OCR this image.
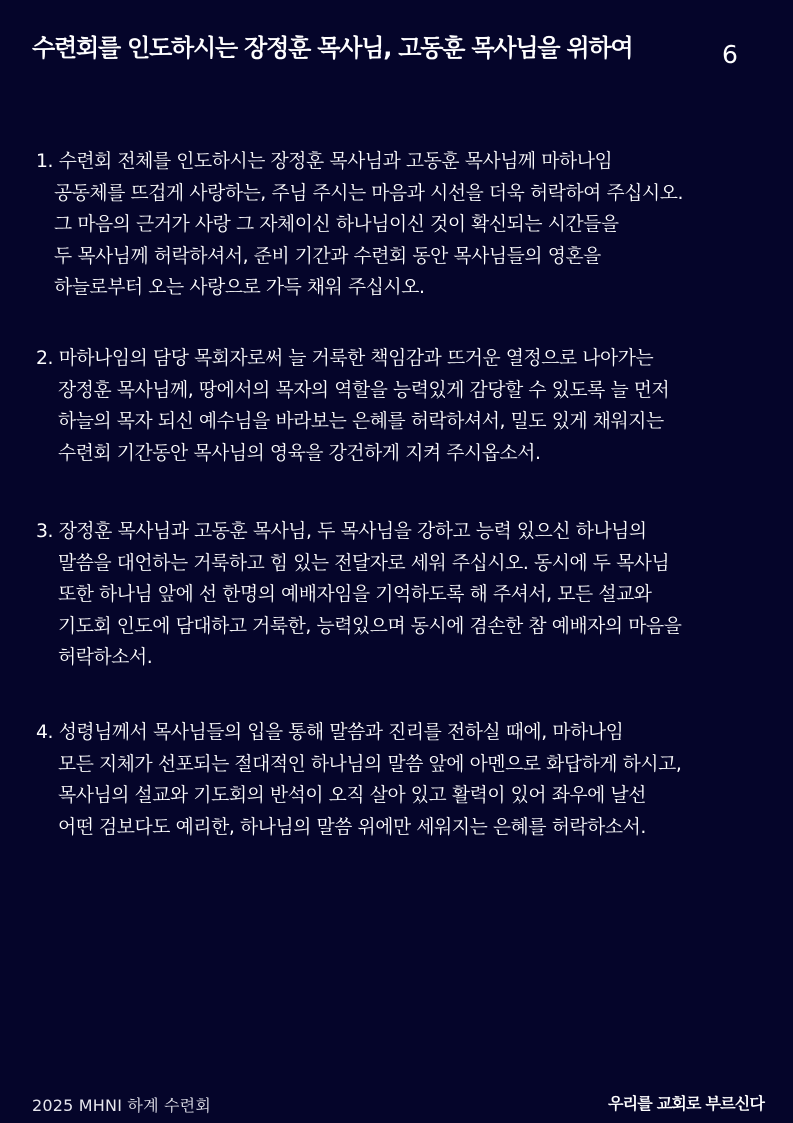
수련회를 인도하시는 장정훈 목사님, 고동훈 목사님을 위하여	6
1. 수련회 전체를 인도하시는 장정훈 목사님과 고동훈 목사님께 마하나임
공동체를 뜨겁게 사랑하는, 주님 주시는 마음과 시선을 더욱 허락하여 주십시오.
그 마음의 근거가 사랑 그 자체이신 하나님이신 것이 확신되는 시간들을
두 목사님께 허락하셔서, 준비 기간과 수련회 동안 목사님들의 영혼을
하늘로부터 오는 사랑으로 가득 채워 주십시오.
2. 마하나임의 담당 목회자로써 늘 거룩한 책임감과 뜨거운 열정으로 나아가는
장정훈 목사님께, 땅에서의 목자의 역할을 능력있게 감당할 수 있도록 늘 먼저
하늘의 목자 되신 예수님을 바라보는 은혜를 허락하셔서, 밀도 있게 채워지는
수련회 기간동안 목사님의 영육을 강건하게 지켜 주시옵소서.
3. 장정훈 목사님과 고동훈 목사님, 두 목사님을 강하고 능력 있으신 하나님의
말씀을 대언하는 거룩하고 힘 있는 전달자로 세워 주십시오. 동시에 두 목사님
또한 하나님 앞에 선 한명의 예배자임을 기억하도록 해 주셔서, 모든 설교와
기도회 인도에 담대하고 거룩한, 능력있으며 동시에 겸손한 참 예배자의 마음을
허락하소서.
4. 성령님께서 목사님들의 입을 통해 말씀과 진리를 전하실 때에, 마하나임
모든 지체가 선포되는 절대적인 하나님의 말씀 앞에 아멘으로 화답하게 하시고,
목사님의 설교와 기도회의 반석이 오직 살아 있고 활력이 있어 좌우에 날선
어떤 검보다도 예리한, 하나님의 말씀 위에만 세워지는 은혜를 허락하소서.
2025 MHNI 하계 수련회	우리를 교회로 부르신다
